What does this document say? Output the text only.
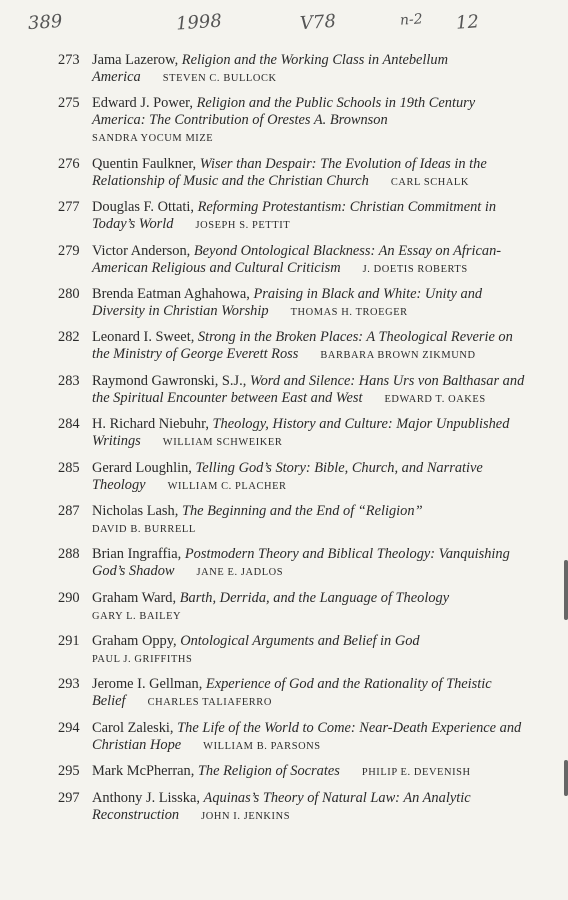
389	1998	V78	n-2 12
273 Jama Lazerow, Religion and the Working Class in Antebellum America STEVEN C. BULLOCK
275 Edward J. Power, Religion and the Public Schools in 19th Century America: The Contribution of Orestes A. Brownson
SANDRA YOCUM MIZE
276 Quentin Faulkner, Wiser than Despair: The Evolution of Ideas in the Relationship of Music and the Christian Church CARL SCHALK
277 Douglas F. Ottati, Reforming Protestantism: Christian Commitment in Today’s World JOSEPH S. PETTIT
279 Victor Anderson, Beyond Ontological Blackness: An Essay on African-American Religious and Cultural Criticism J. DOETIS ROBERTS
280 Brenda Eatman Aghahowa, Praising in Black and White: Unity and Diversity in Christian Worship THOMAS H. TROEGER
282 Leonard I. Sweet, Strong in the Broken Places: A Theological Reverie on the Ministry of George Everett Ross BARBARA BROWN ZIKMUND
283 Raymond Gawronski, S.J., Word and Silence: Hans Urs von Balthasar and the Spiritual Encounter between East and West EDWARD T. OAKES
284 H. Richard Niebuhr, Theology, History and Culture: Major Unpublished Writings WILLIAM SCHWEIKER
285 Gerard Loughlin, Telling God’s Story: Bible, Church, and Narrative Theology WILLIAM C. PLACHER
287 Nicholas Lash, The Beginning and the End of “Religion”
DAVID B. BURRELL
288 Brian Ingraffia, Postmodern Theory and Biblical Theology: Vanquishing God’s Shadow JANE E. JADLOS
290 Graham Ward, Barth, Derrida, and the Language of Theology
GARY L. BAILEY
291 Graham Oppy, Ontological Arguments and Belief in God
PAUL J. GRIFFITHS
293 Jerome I. Gellman, Experience of God and the Rationality of Theistic Belief CHARLES TALIAFERRO
294 Carol Zaleski, The Life of the World to Come: Near-Death Experience and Christian Hope WILLIAM B. PARSONS
295 Mark McPherran, The Religion of Socrates PHILIP E. DEVENISH
297 Anthony J. Lisska, Aquinas’s Theory of Natural Law: An Analytic Reconstruction JOHN I. JENKINS
